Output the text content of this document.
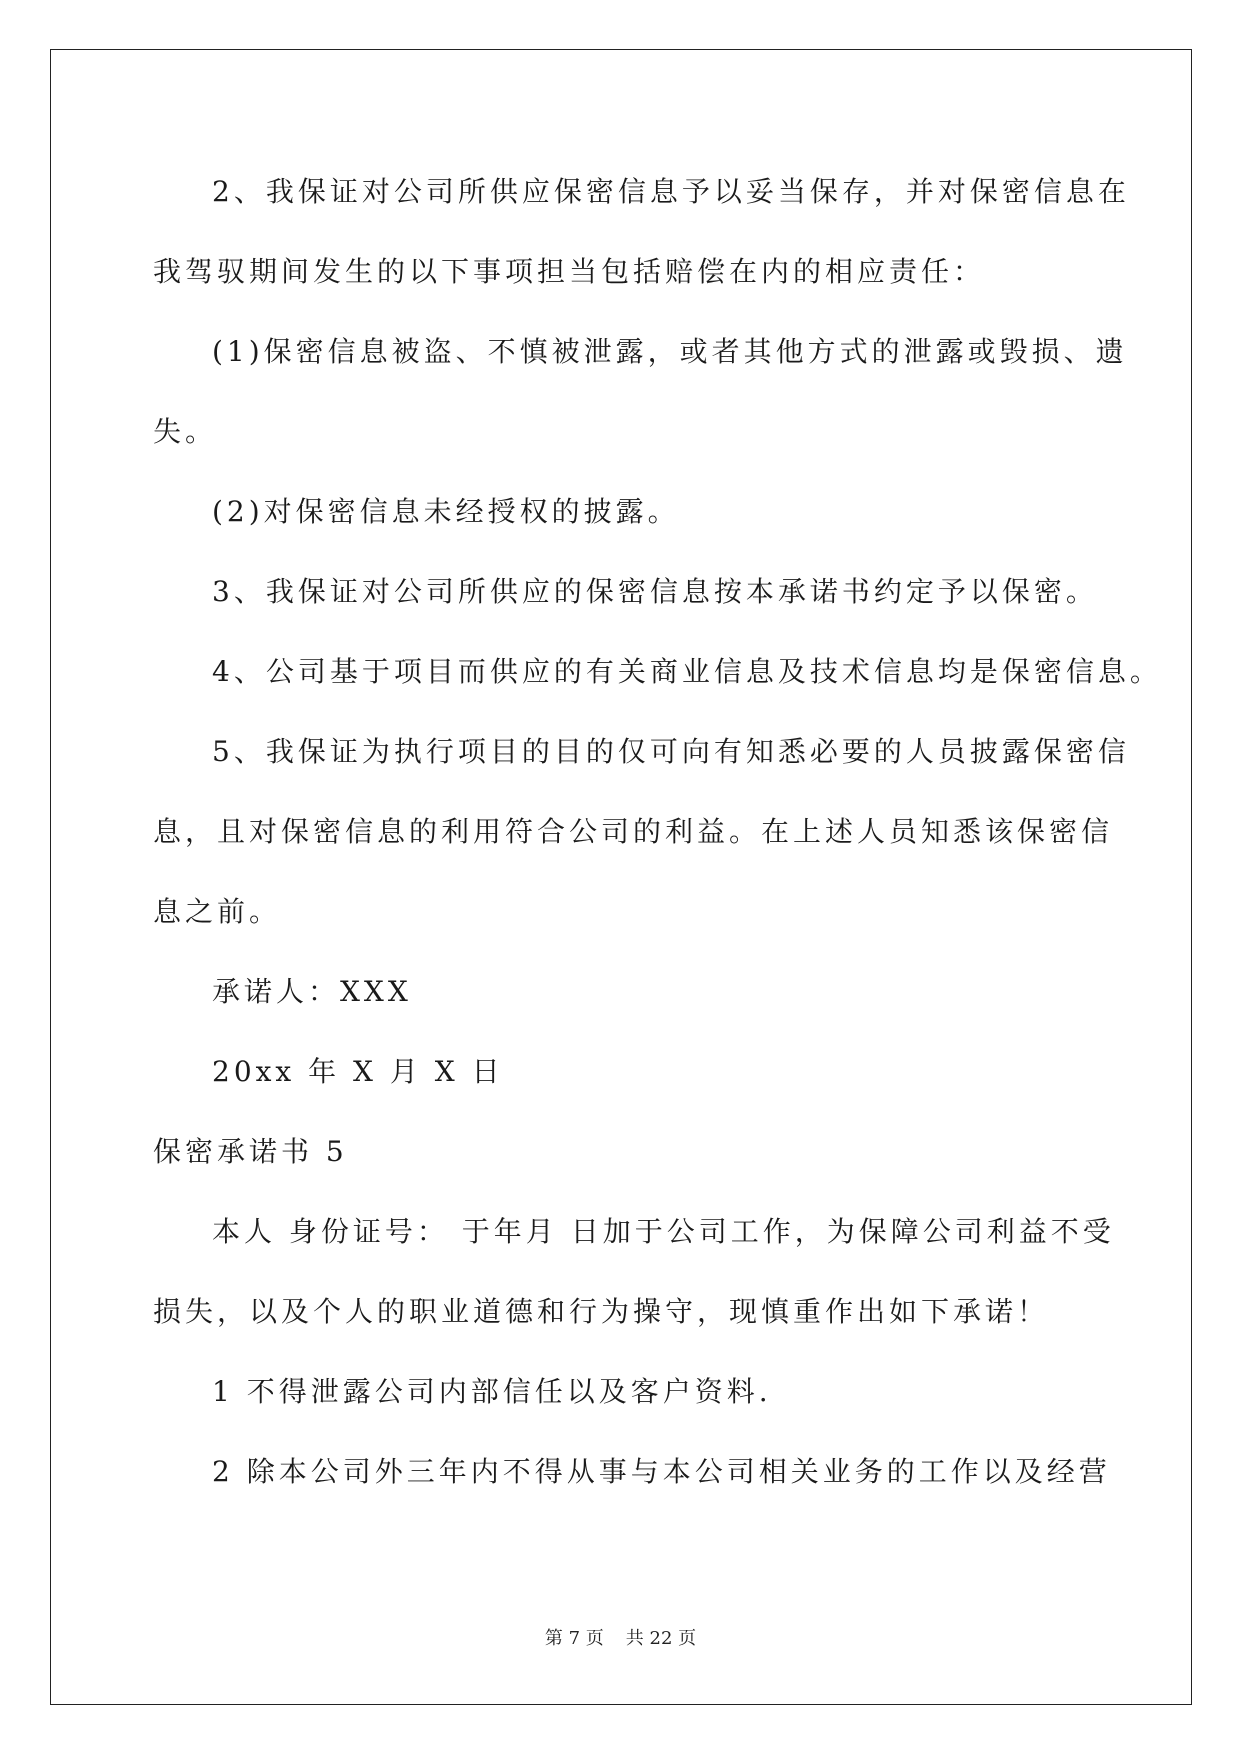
2、我保证对公司所供应保密信息予以妥当保存，并对保密信息在
我驾驭期间发生的以下事项担当包括赔偿在内的相应责任：
(1)保密信息被盗、不慎被泄露，或者其他方式的泄露或毁损、遗
失。
(2)对保密信息未经授权的披露。
3、我保证对公司所供应的保密信息按本承诺书约定予以保密。
4、公司基于项目而供应的有关商业信息及技术信息均是保密信息。
5、我保证为执行项目的目的仅可向有知悉必要的人员披露保密信
息，且对保密信息的利用符合公司的利益。在上述人员知悉该保密信
息之前。
承诺人：XXX
20xx 年 X 月 X 日
保密承诺书 5
本人 身份证号： 于年月 日加于公司工作，为保障公司利益不受
损失，以及个人的职业道德和行为操守，现慎重作出如下承诺！
1 不得泄露公司内部信任以及客户资料.
2 除本公司外三年内不得从事与本公司相关业务的工作以及经营
第 7 页 共 22 页
